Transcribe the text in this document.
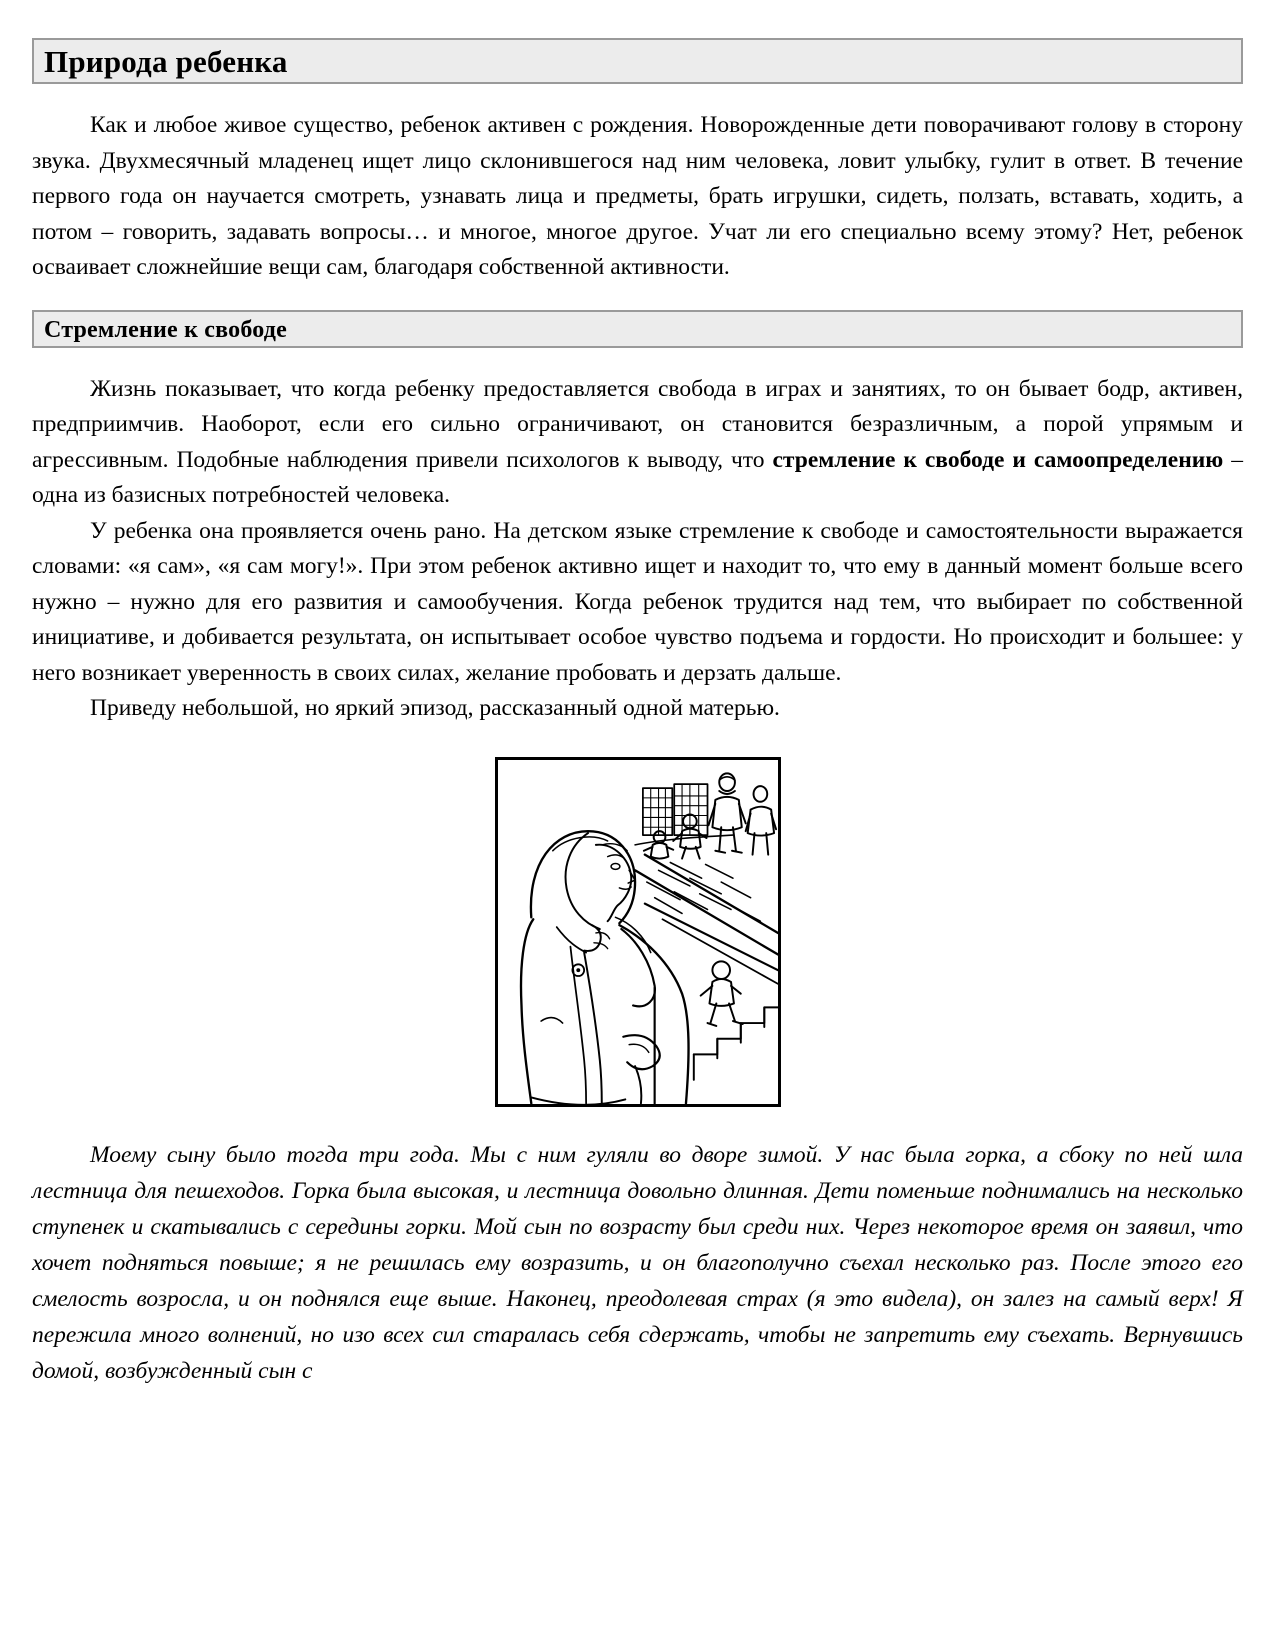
Природа ребенка

Как и любое живое существо, ребенок активен с рождения. Новорожденные дети поворачивают голову в сторону звука. Двухмесячный младенец ищет лицо склонившегося над ним человека, ловит улыбку, гулит в ответ. В течение первого года он научается смотреть, узнавать лица и предметы, брать игрушки, сидеть, ползать, вставать, ходить, а потом – говорить, задавать вопросы… и многое, многое другое. Учат ли его специально всему этому? Нет, ребенок осваивает сложнейшие вещи сам, благодаря собственной активности.

Стремление к свободе

Жизнь показывает, что когда ребенку предоставляется свобода в играх и занятиях, то он бывает бодр, активен, предприимчив. Наоборот, если его сильно ограничивают, он становится безразличным, а порой упрямым и агрессивным. Подобные наблюдения привели психологов к выводу, что стремление к свободе и самоопределению – одна из базисных потребностей человека.

У ребенка она проявляется очень рано. На детском языке стремление к свободе и самостоятельности выражается словами: «я сам», «я сам могу!». При этом ребенок активно ищет и находит то, что ему в данный момент больше всего нужно – нужно для его развития и самообучения. Когда ребенок трудится над тем, что выбирает по собственной инициативе, и добивается результата, он испытывает особое чувство подъема и гордости. Но происходит и большее: у него возникает уверенность в своих силах, желание пробовать и дерзать дальше.

Приведу небольшой, но яркий эпизод, рассказанный одной матерью.

Моему сыну было тогда три года. Мы с ним гуляли во дворе зимой. У нас была горка, а сбоку по ней шла лестница для пешеходов. Горка была высокая, и лестница довольно длинная. Дети поменьше поднимались на несколько ступенек и скатывались с середины горки. Мой сын по возрасту был среди них. Через некоторое время он заявил, что хочет подняться повыше; я не решилась ему возразить, и он благополучно съехал несколько раз. После этого его смелость возросла, и он поднялся еще выше. Наконец, преодолевая страх (я это видела), он залез на самый верх! Я пережила много волнений, но изо всех сил старалась себя сдержать, чтобы не запретить ему съехать. Вернувшись домой, возбужденный сын с
